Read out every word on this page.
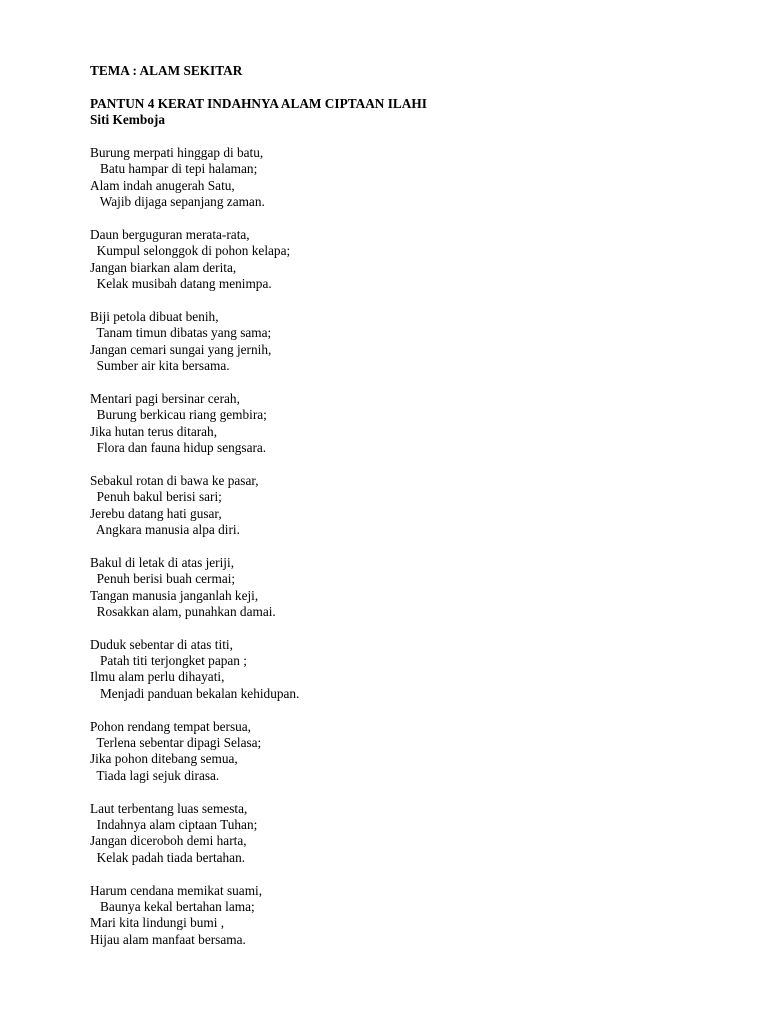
TEMA : ALAM SEKITAR
PANTUN 4 KERAT INDAHNYA ALAM CIPTAAN ILAHI
Siti Kemboja
Burung merpati hinggap di batu,
Batu hampar di tepi halaman;
Alam indah anugerah Satu,
Wajib dijaga sepanjang zaman.
Daun berguguran merata-rata,
Kumpul selonggok di pohon kelapa;
Jangan biarkan alam derita,
Kelak musibah datang menimpa.
Biji petola dibuat benih,
Tanam timun dibatas yang sama;
Jangan cemari sungai yang jernih,
Sumber air kita bersama.
Mentari pagi bersinar cerah,
Burung berkicau riang gembira;
Jika hutan terus ditarah,
Flora dan fauna hidup sengsara.
Sebakul rotan di bawa ke pasar,
Penuh bakul berisi sari;
Jerebu datang hati gusar,
Angkara manusia alpa diri.
Bakul di letak di atas jeriji,
Penuh berisi buah cermai;
Tangan manusia janganlah keji,
Rosakkan alam, punahkan damai.
Duduk sebentar di atas titi,
Patah titi terjongket papan ;
Ilmu alam perlu dihayati,
Menjadi panduan bekalan kehidupan.
Pohon rendang tempat bersua,
Terlena sebentar dipagi Selasa;
Jika pohon ditebang semua,
Tiada lagi sejuk dirasa.
Laut terbentang luas semesta,
Indahnya alam ciptaan Tuhan;
Jangan diceroboh demi harta,
Kelak padah tiada bertahan.
Harum cendana memikat suami,
Baunya kekal bertahan lama;
Mari kita lindungi bumi ,
Hijau alam manfaat bersama.
